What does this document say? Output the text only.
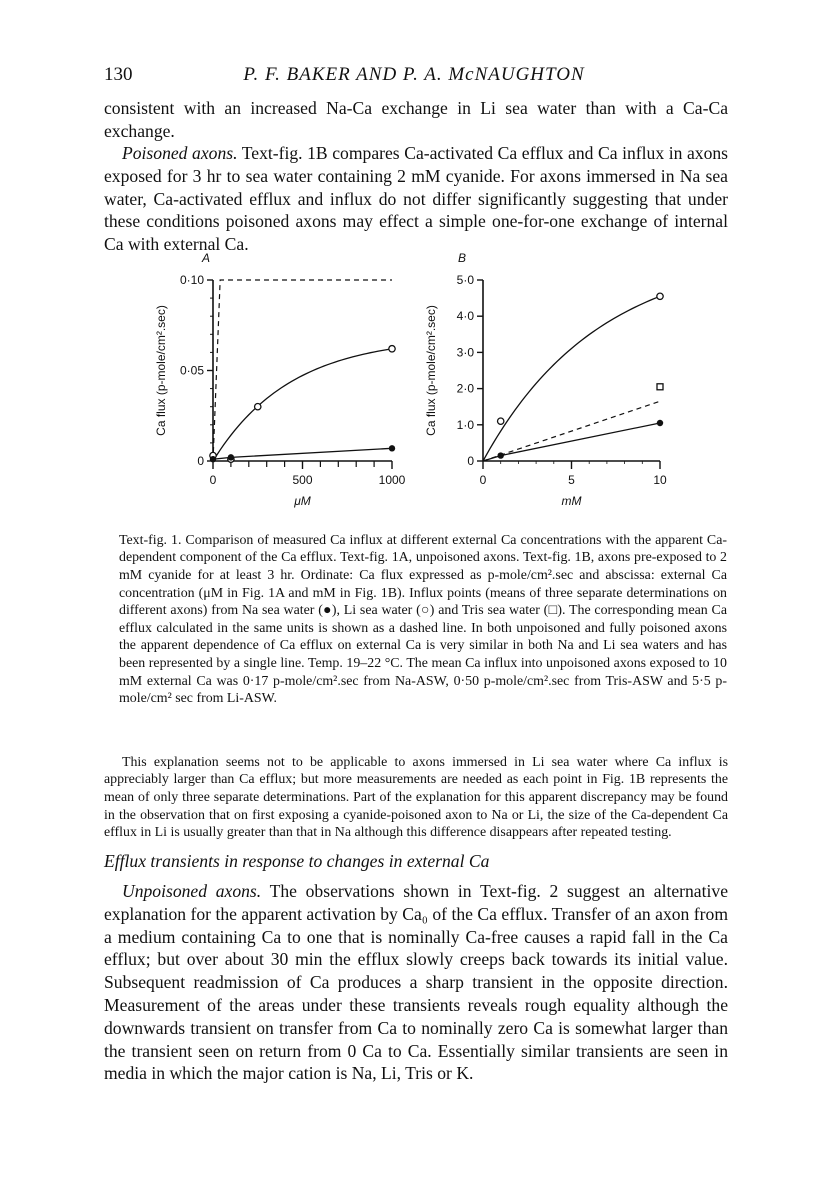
130	P. F. BAKER AND P. A. McNAUGHTON

consistent with an increased Na-Ca exchange in Li sea water than with a Ca-Ca exchange.

Poisoned axons. Text-fig. 1B compares Ca-activated Ca efflux and Ca influx in axons exposed for 3 hr to sea water containing 2 mM cyanide. For axons immersed in Na sea water, Ca-activated efflux and influx do not differ significantly suggesting that under these conditions poisoned axons may effect a simple one-for-one exchange of internal Ca with external Ca.

A
0
0·05
0·10
0	500	1000
μM
Ca flux (p-mole/cm².sec)
B
0
1·0
2·0
3·0
4·0
5·0
0	5	10
mM
Ca flux (p-mole/cm².sec)

Text-fig. 1. Comparison of measured Ca influx at different external Ca concentrations with the apparent Ca-dependent component of the Ca efflux. Text-fig. 1A, unpoisoned axons. Text-fig. 1B, axons pre-exposed to 2 mM cyanide for at least 3 hr. Ordinate: Ca flux expressed as p-mole/cm².sec and abscissa: external Ca concentration (μM in Fig. 1A and mM in Fig. 1B). Influx points (means of three separate determinations on different axons) from Na sea water (●), Li sea water (○) and Tris sea water (□). The corresponding mean Ca efflux calculated in the same units is shown as a dashed line. In both unpoisoned and fully poisoned axons the apparent dependence of Ca efflux on external Ca is very similar in both Na and Li sea waters and has been represented by a single line. Temp. 19–22 °C. The mean Ca influx into unpoisoned axons exposed to 10 mM external Ca was 0·17 p-mole/cm².sec from Na-ASW, 0·50 p-mole/cm².sec from Tris-ASW and 5·5 p-mole/cm² sec from Li-ASW.

This explanation seems not to be applicable to axons immersed in Li sea water where Ca influx is appreciably larger than Ca efflux; but more measurements are needed as each point in Fig. 1B represents the mean of only three separate determinations. Part of the explanation for this apparent discrepancy may be found in the observation that on first exposing a cyanide-poisoned axon to Na or Li, the size of the Ca-dependent Ca efflux in Li is usually greater than that in Na although this difference disappears after repeated testing.

Efflux transients in response to changes in external Ca

Unpoisoned axons. The observations shown in Text-fig. 2 suggest an alternative explanation for the apparent activation by Ca₀ of the Ca efflux. Transfer of an axon from a medium containing Ca to one that is nominally Ca-free causes a rapid fall in the Ca efflux; but over about 30 min the efflux slowly creeps back towards its initial value. Subsequent readmission of Ca produces a sharp transient in the opposite direction. Measurement of the areas under these transients reveals rough equality although the downwards transient on transfer from Ca to nominally zero Ca is somewhat larger than the transient seen on return from 0 Ca to Ca. Essentially similar transients are seen in media in which the major cation is Na, Li, Tris or K.
